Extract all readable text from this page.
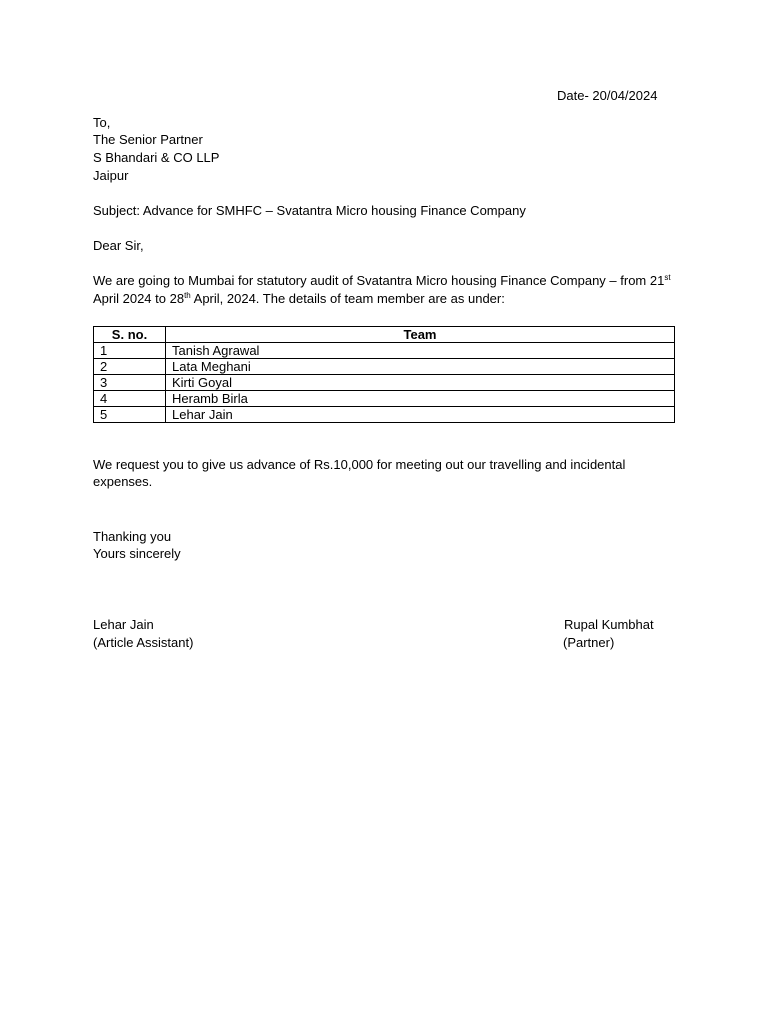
Date- 20/04/2024
To,
The Senior Partner
S Bhandari & CO LLP
Jaipur
Subject: Advance for SMHFC – Svatantra Micro housing Finance Company
Dear Sir,
We are going to Mumbai for statutory audit of Svatantra Micro housing Finance Company – from 21st
April 2024 to 28th April, 2024. The details of team member are as under:
S. no.	Team
1	Tanish Agrawal
2	Lata Meghani
3	Kirti Goyal
4	Heramb Birla
5	Lehar Jain
We request you to give us advance of Rs.10,000 for meeting out our travelling and incidental expenses.
Thanking you
Yours sincerely
Lehar Jain
(Article Assistant)
Rupal Kumbhat
(Partner)
